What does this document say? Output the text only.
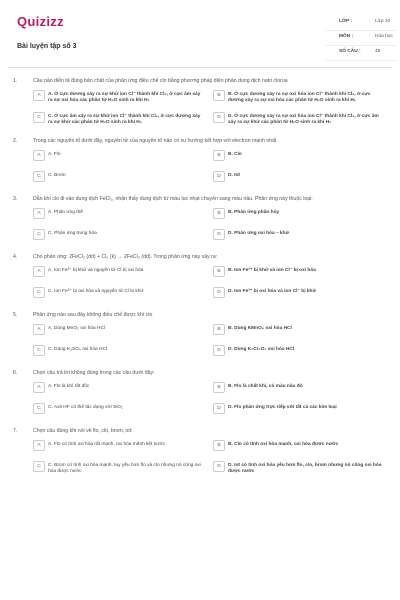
Quizizz
Bài luyện tập số 3
LỚP :	Lớp 10
MÔN :	Hóa học
SỐ CÂU :	45
1.	Câu nào diễn tả đúng bản chất của phản ứng điều chế clo bằng phương pháp điện phân dung dịch natri clorua
A	A. Ở cực dương xảy ra sự khử ion Cl⁻ thành khí Cl₂, ở cực âm xảy ra sự oxi hóa các phân tử H₂O sinh ra khí H₂
B	B. Ở cực dương xảy ra sự oxi hóa ion Cl⁻ thành khí Cl₂, ở cực dương xảy ra sự oxi hóa các phân tử H₂O sinh ra khí H₂
C	C. Ở cực âm xảy ra sự khử ion Cl⁻ thành khí Cl₂, ở cực dương xảy ra sự khử các phân tử H₂O sinh ra khí H₂
D	D. Ở cực dương xảy ra sự oxi hóa ion Cl⁻ thành khí Cl₂, ở cực âm xảy ra sự khử các phân tử H₂O sinh ra khí H₂
2.	Trong các nguyên tố dưới đây, nguyên tử của nguyên tố nào có xu hướng kết hợp với electron mạnh nhất
A	A. Flo	B	B. Clo
C	C. Brom	D	D. Iot
3.	Dẫn khí clo đi vào dung dịch FeCl₂, nhận thấy dung dịch từ màu lục nhạt chuyển sang màu nâu. Phản ứng này thuộc loại:
A	A. Phản ứng thế	B	B. Phản ứng phân hủy
C	C. Phản ứng trung hòa	D	D. Phản ứng oxi hóa – khử
4.	Cho phản ứng: 2FeCl₂ (dd) + Cl₂ (k) → 2FeCl₃ (dd). Trong phản ứng này xảy ra:
A	A. Ion Fe²⁺ bị khử và nguyên tử Cl bị oxi hóa	B	B. Ion Fe³⁺ bị khử và ion Cl⁻ bị oxi hóa
C	C. Ion Fe²⁺ bị oxi hóa và nguyên tử Cl bị khử	D	D. Ion Fe³⁺ bị oxi hóa và ion Cl⁻ bị khử
5.	Phản ứng nào sau đây không điều chế được khí clo
A	A. Dùng MnO₂ oxi hóa HCl	B	B. Dùng KMnO₄ oxi hóa HCl
C	C. Dùng K₂SO₄ oxi hóa HCl	D	D. Dùng K₂Cr₂O₇ oxi hóa HCl
6.	Chọn câu trả lời không đúng trong các câu dưới đây:
A	A. Flo là khí rất độc	B	B. Flo là chất khí, có màu nâu đỏ
C	C. Axit HF có thể tác dụng với SiO₂	D	D. Flo phản ứng trực tiếp với tất cả các kim loại
7.	Chọn câu đúng khi nói về flo, clo, brom, iot:
A	A. Flo có tính oxi hóa rất mạnh, oxi hóa mãnh liệt nước	B	B. Clo có tính oxi hóa mạnh, oxi hóa được nước
C	C. Brom có tính oxi hóa mạnh, tuy yếu hơn flo và clo nhưng nó cũng oxi hóa được nước
D	D. Iot có tính oxi hóa yếu hơn flo, clo, brom nhưng nó cũng oxi hóa được nước
